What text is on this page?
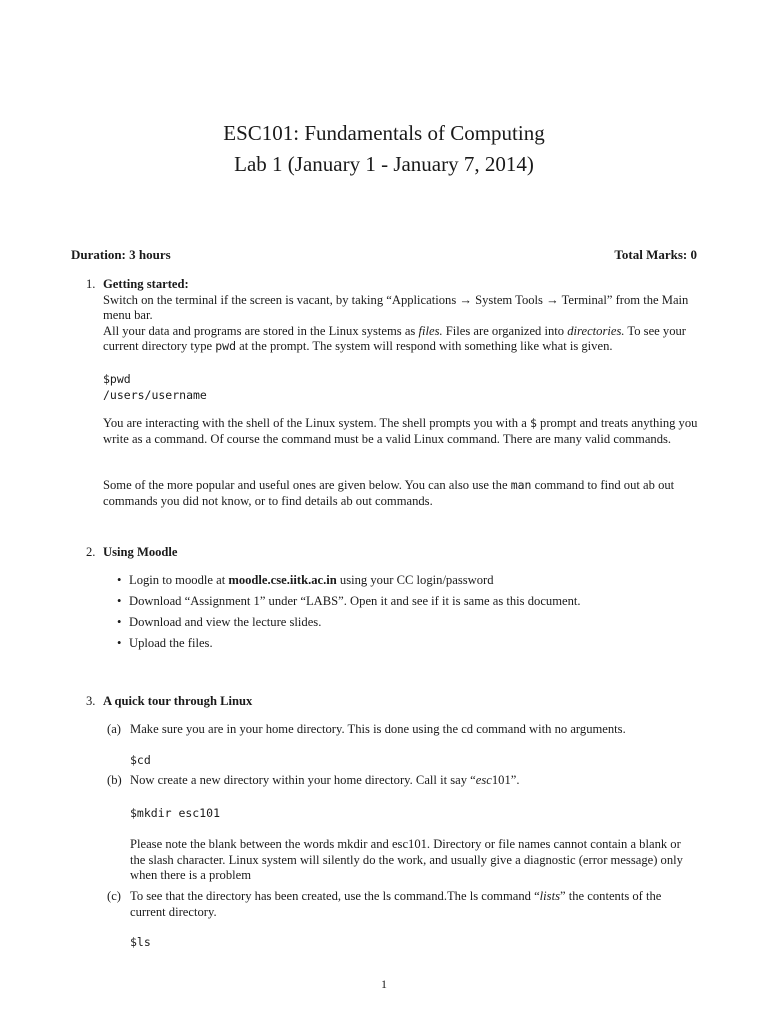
ESC101: Fundamentals of Computing
Lab 1 (January 1 - January 7, 2014)
Duration: 3 hours	Total Marks: 0
1. Getting started:
Switch on the terminal if the screen is vacant, by taking “Applications → System Tools → Terminal” from the Main menu bar.
All your data and programs are stored in the Linux systems as files. Files are organized into directories. To see your current directory type pwd at the prompt. The system will respond with something like what is given.
$pwd
/users/username
You are interacting with the shell of the Linux system. The shell prompts you with a $ prompt and treats anything you write as a command. Of course the command must be a valid Linux command. There are many valid commands.
Some of the more popular and useful ones are given below. You can also use the man command to find out ab out commands you did not know, or to find details ab out commands.
2. Using Moodle
• Login to moodle at moodle.cse.iitk.ac.in using your CC login/password
• Download “Assignment 1” under “LABS”. Open it and see if it is same as this document.
• Download and view the lecture slides.
• Upload the files.
3. A quick tour through Linux
(a) Make sure you are in your home directory. This is done using the cd command with no arguments.
$cd
(b) Now create a new directory within your home directory. Call it say “esc101”.
$mkdir esc101
Please note the blank between the words mkdir and esc101. Directory or file names cannot contain a blank or the slash character. Linux system will silently do the work, and usually give a diagnostic (error message) only when there is a problem
(c) To see that the directory has been created, use the ls command.The ls command “lists” the contents of the current directory.
$ls
1
